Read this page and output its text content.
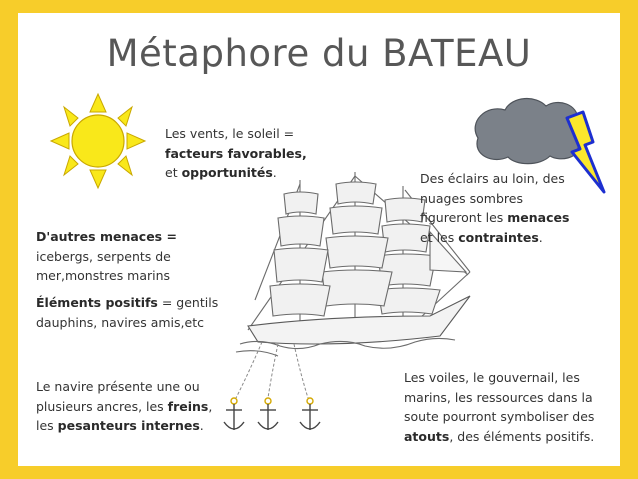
Métaphore du BATEAU
Les vents, le soleil =
facteurs favorables,
et opportunités.	Des éclairs au loin, des
nuages sombres
figureront les menaces
et les contraintes.
D'autres menaces =
icebergs, serpents de
mer,monstres marins
Éléments positifs = gentils
dauphins, navires amis,etc
Le navire présente une ou
plusieurs ancres, les freins,
les pesanteurs internes.
Les voiles, le gouvernail, les
marins, les ressources dans la
soute pourront symboliser des
atouts, des éléments positifs.
